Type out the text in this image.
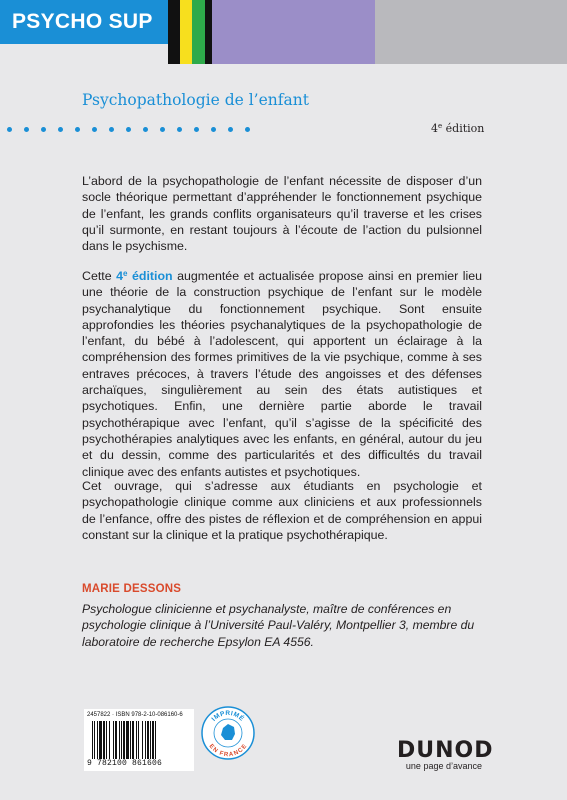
PSYCHO SUP
Psychopathologie de l’enfant
4e édition

L’abord de la psychopathologie de l’enfant nécessite de disposer d’un socle théorique permettant d’appréhender le fonctionnement psychique de l’enfant, les grands conflits organisateurs qu’il traverse et les crises qu’il surmonte, en restant toujours à l’écoute de l’action du pulsionnel dans le psychisme.

Cette 4e édition augmentée et actualisée propose ainsi en premier lieu une théorie de la construction psychique de l’enfant sur le modèle psychanalytique du fonctionnement psychique. Sont ensuite approfondies les théories psychanalytiques de la psychopathologie de l’enfant, du bébé à l’adolescent, qui apportent un éclairage à la compréhension des formes primitives de la vie psychique, comme à ses entraves précoces, à travers l’étude des angoisses et des défenses archaïques, singulièrement au sein des états autistiques et psychotiques. Enfin, une dernière partie aborde le travail psychothérapique avec l’enfant, qu’il s’agisse de la spécificité des psychothérapies analytiques avec les enfants, en général, autour du jeu et du dessin, comme des particularités et des difficultés du travail clinique avec des enfants autistes et psychotiques.

Cet ouvrage, qui s’adresse aux étudiants en psychologie et psychopathologie clinique comme aux cliniciens et aux professionnels de l’enfance, offre des pistes de réflexion et de compréhension en appui constant sur la clinique et la pratique psychothérapique.

MARIE DESSONS

Psychologue clinicienne et psychanalyste, maître de conférences en psychologie clinique à l’Université Paul-Valéry, Montpellier 3, membre du laboratoire de recherche Epsylon EA 4556.

2457822 · ISBN 978-2-10-086160-6
9 782100 861606
IMPRIMÉ
EN FRANCE	DUNOD
une page d’avance
